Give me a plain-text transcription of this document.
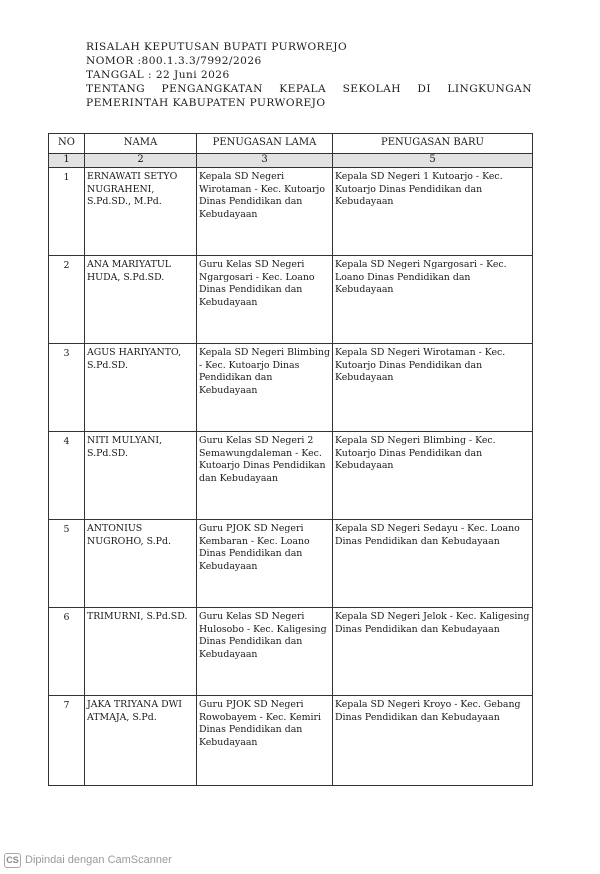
RISALAH KEPUTUSAN BUPATI PURWOREJO
NOMOR :800.1.3.3/7992/2026
TANGGAL : 22 Juni 2026
TENTANG PENGANGKATAN KEPALA SEKOLAH DI LINGKUNGAN PEMERINTAH KABUPATEN PURWOREJO
NO	NAMA	PENUGASAN LAMA	PENUGASAN BARU
1	2	3	5
1	ERNAWATI SETYO NUGRAHENI, S.Pd.SD., M.Pd.	Kepala SD Negeri Wirotaman - Kec. Kutoarjo Dinas Pendidikan dan Kebudayaan	Kepala SD Negeri 1 Kutoarjo - Kec. Kutoarjo Dinas Pendidikan dan Kebudayaan
2	ANA MARIYATUL HUDA, S.Pd.SD.	Guru Kelas SD Negeri Ngargosari - Kec. Loano Dinas Pendidikan dan Kebudayaan	Kepala SD Negeri Ngargosari - Kec. Loano Dinas Pendidikan dan Kebudayaan
3	AGUS HARIYANTO, S.Pd.SD.	Kepala SD Negeri Blimbing - Kec. Kutoarjo Dinas Pendidikan dan Kebudayaan	Kepala SD Negeri Wirotaman - Kec. Kutoarjo Dinas Pendidikan dan Kebudayaan
4	NITI MULYANI, S.Pd.SD.	Guru Kelas SD Negeri 2 Semawungdaleman - Kec. Kutoarjo Dinas Pendidikan dan Kebudayaan	Kepala SD Negeri Blimbing - Kec. Kutoarjo Dinas Pendidikan dan Kebudayaan
5	ANTONIUS NUGROHO, S.Pd.	Guru PJOK SD Negeri Kembaran - Kec. Loano Dinas Pendidikan dan Kebudayaan	Kepala SD Negeri Sedayu - Kec. Loano Dinas Pendidikan dan Kebudayaan
6	TRIMURNI, S.Pd.SD.	Guru Kelas SD Negeri Hulosobo - Kec. Kaligesing Dinas Pendidikan dan Kebudayaan	Kepala SD Negeri Jelok - Kec. Kaligesing Dinas Pendidikan dan Kebudayaan
7	JAKA TRIYANA DWI ATMAJA, S.Pd.	Guru PJOK SD Negeri Rowobayem - Kec. Kemiri Dinas Pendidikan dan Kebudayaan	Kepala SD Negeri Kroyo - Kec. Gebang Dinas Pendidikan dan Kebudayaan
CS Dipindai dengan CamScanner
